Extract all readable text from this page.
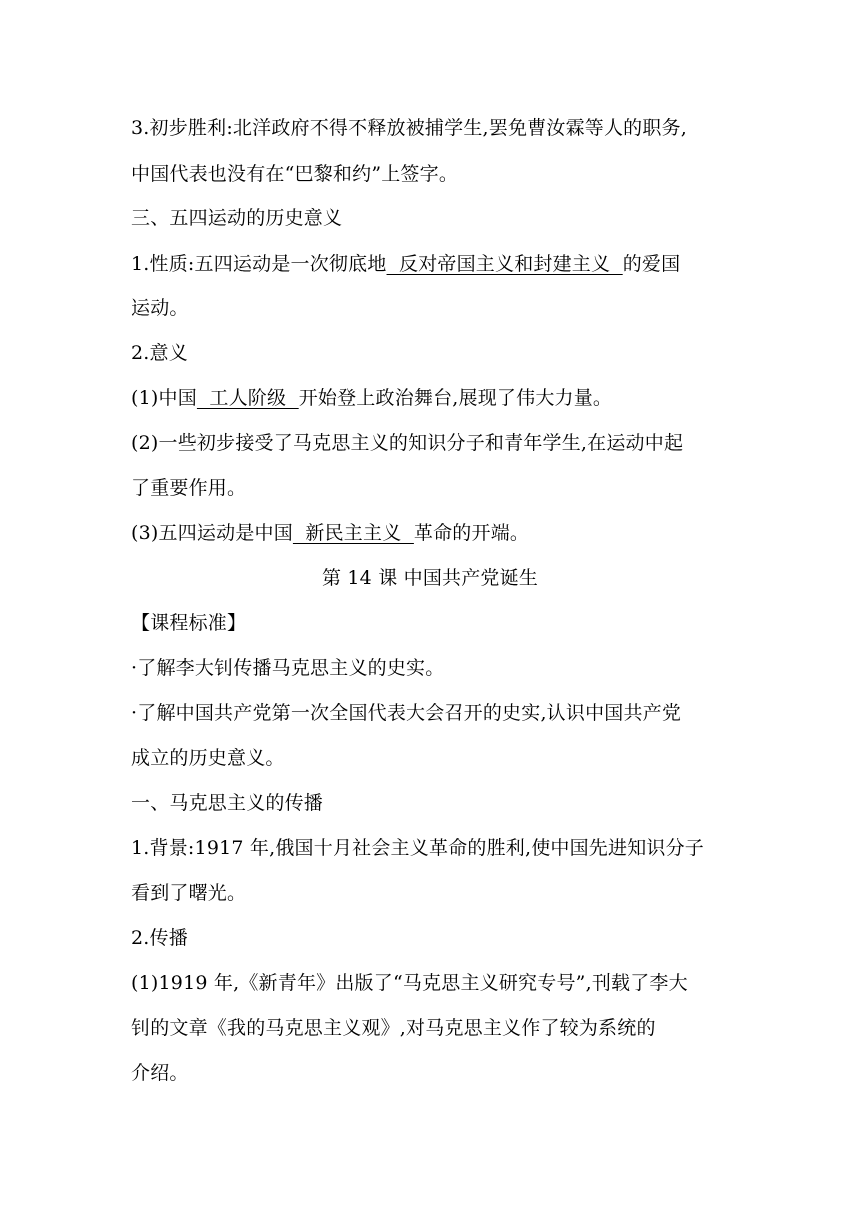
3.初步胜利:北洋政府不得不释放被捕学生,罢免曹汝霖等人的职务,
中国代表也没有在“巴黎和约”上签字。
三、五四运动的历史意义
1.性质:五四运动是一次彻底地  反对帝国主义和封建主义  的爱国
运动。
2.意义
(1)中国  工人阶级  开始登上政治舞台,展现了伟大力量。
(2)一些初步接受了马克思主义的知识分子和青年学生,在运动中起
了重要作用。
(3)五四运动是中国  新民主主义  革命的开端。
第 14 课 中国共产党诞生
【课程标准】
·了解李大钊传播马克思主义的史实。
·了解中国共产党第一次全国代表大会召开的史实,认识中国共产党
成立的历史意义。
一、马克思主义的传播
1.背景:1917 年,俄国十月社会主义革命的胜利,使中国先进知识分子
看到了曙光。
2.传播
(1)1919 年,《新青年》出版了“马克思主义研究专号”,刊载了李大
钊的文章《我的马克思主义观》,对马克思主义作了较为系统的
介绍。
